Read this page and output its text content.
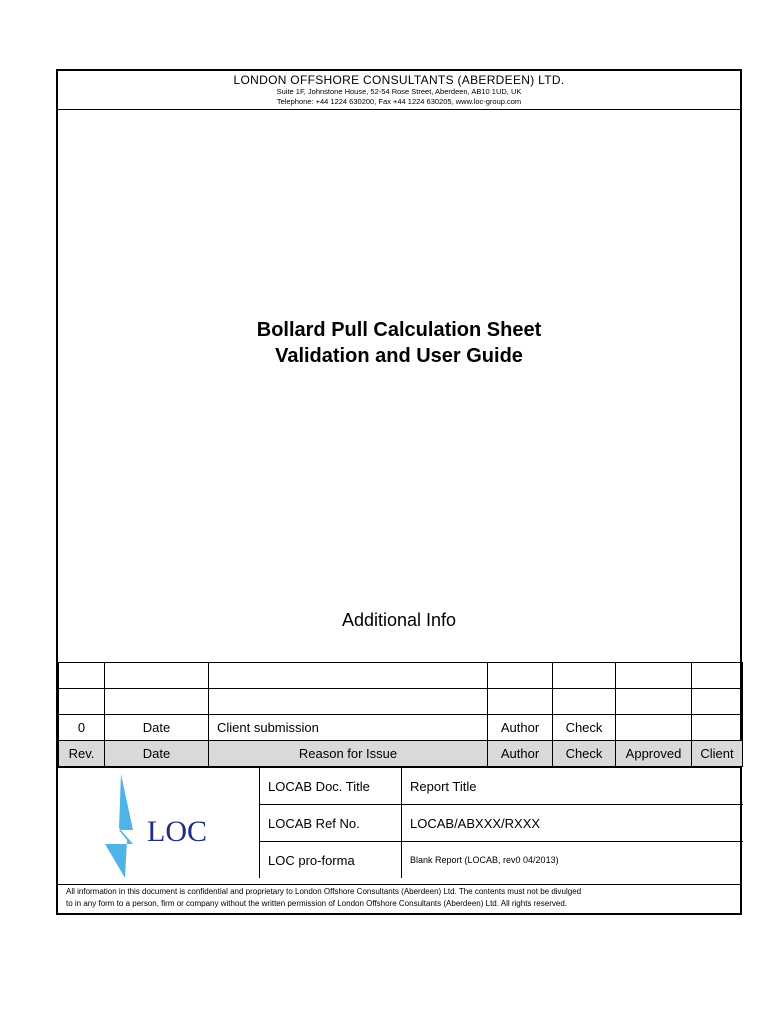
LONDON OFFSHORE CONSULTANTS (ABERDEEN) LTD.
Suite 1F, Johnstone House, 52-54 Rose Street, Aberdeen, AB10 1UD, UK
Telephone: +44 1224 630200, Fax +44 1224 630205, www.loc-group.com
Bollard Pull Calculation Sheet
Validation and User Guide
Additional Info

0	Date	Client submission	Author	Check		
Rev.	Date	Reason for Issue	Author	Check	Approved	Client
LOC
LOCAB Doc. Title	Report Title
LOCAB Ref No.	LOCAB/ABXXX/RXXX
LOC pro-forma	Blank Report (LOCAB, rev0 04/2013)
All information in this document is confidential and proprietary to London Offshore Consultants (Aberdeen) Ltd. The contents must not be divulged
to in any form to a person, firm or company without the written permission of London Offshore Consultants (Aberdeen) Ltd. All rights reserved.
